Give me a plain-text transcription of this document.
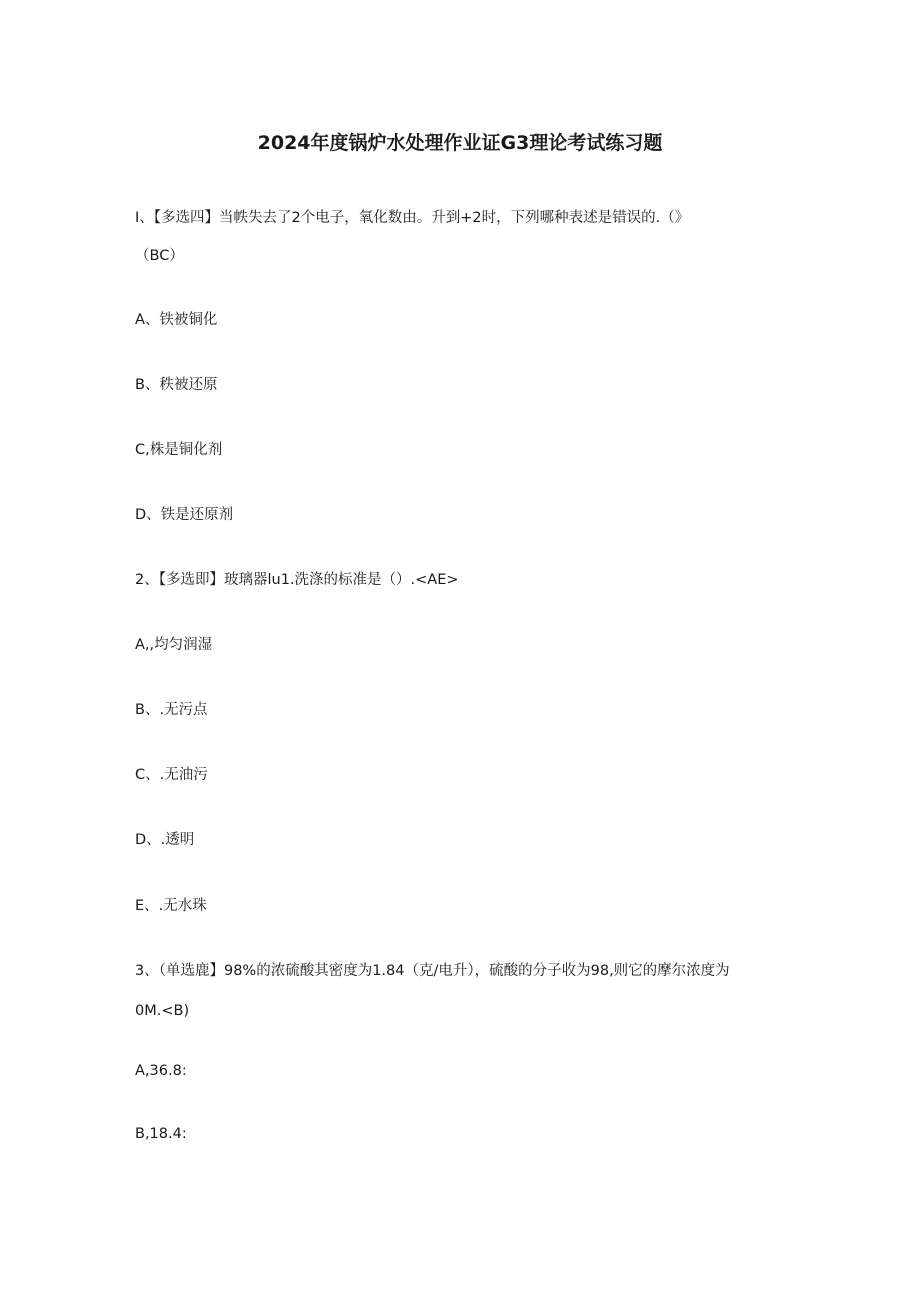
2024年度锅炉水处理作业证G3理论考试练习题
I、【多选四】当帙失去了2个电子，氧化数由。升到+2时，下列哪种表述是错误的.（》
（BC）
A、铁被铜化
B、秩被还原
C,株是铜化剂
D、铁是还原剂
2、【多选即】玻璃器lu1.洗涤的标准是（）.<AE>
A,,均匀润湿
B、.无污点
C、.无油污
D、.透明
E、.无水珠
3、（单选鹿】98%的浓硫酸其密度为1.84（克/电升），硫酸的分子收为98,则它的摩尔浓度为
0M.<B)
A,36.8:
B,18.4:
